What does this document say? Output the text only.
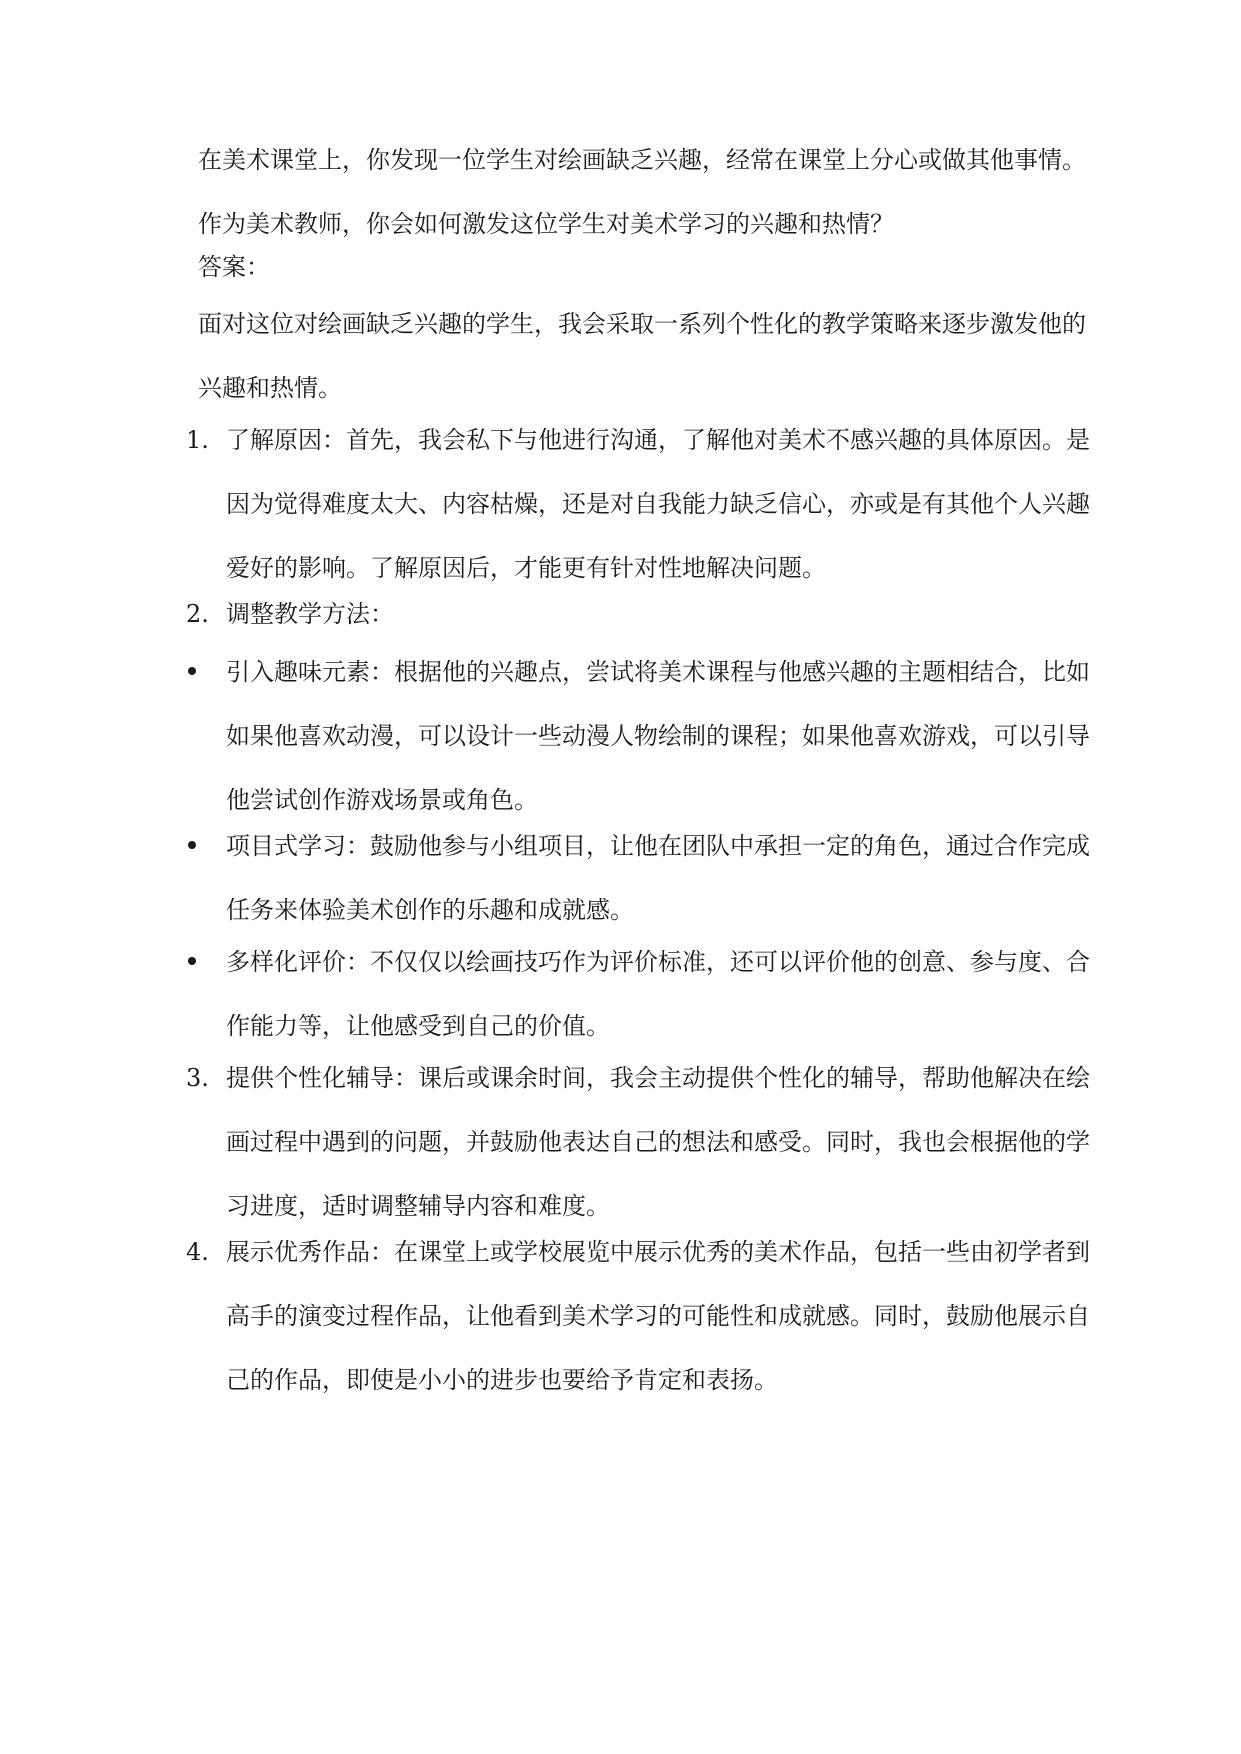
在美术课堂上，你发现一位学生对绘画缺乏兴趣，经常在课堂上分心或做其他事情。作为美术教师，你会如何激发这位学生对美术学习的兴趣和热情？

答案：

面对这位对绘画缺乏兴趣的学生，我会采取一系列个性化的教学策略来逐步激发他的兴趣和热情。

1. 了解原因：首先，我会私下与他进行沟通，了解他对美术不感兴趣的具体原因。是因为觉得难度太大、内容枯燥，还是对自我能力缺乏信心，亦或是有其他个人兴趣爱好的影响。了解原因后，才能更有针对性地解决问题。
2. 调整教学方法：
引入趣味元素：根据他的兴趣点，尝试将美术课程与他感兴趣的主题相结合，比如如果他喜欢动漫，可以设计一些动漫人物绘制的课程；如果他喜欢游戏，可以引导他尝试创作游戏场景或角色。
项目式学习：鼓励他参与小组项目，让他在团队中承担一定的角色，通过合作完成任务来体验美术创作的乐趣和成就感。
多样化评价：不仅仅以绘画技巧作为评价标准，还可以评价他的创意、参与度、合作能力等，让他感受到自己的价值。
3. 提供个性化辅导：课后或课余时间，我会主动提供个性化的辅导，帮助他解决在绘画过程中遇到的问题，并鼓励他表达自己的想法和感受。同时，我也会根据他的学习进度，适时调整辅导内容和难度。
4. 展示优秀作品：在课堂上或学校展览中展示优秀的美术作品，包括一些由初学者到高手的演变过程作品，让他看到美术学习的可能性和成就感。同时，鼓励他展示自己的作品，即使是小小的进步也要给予肯定和表扬。
